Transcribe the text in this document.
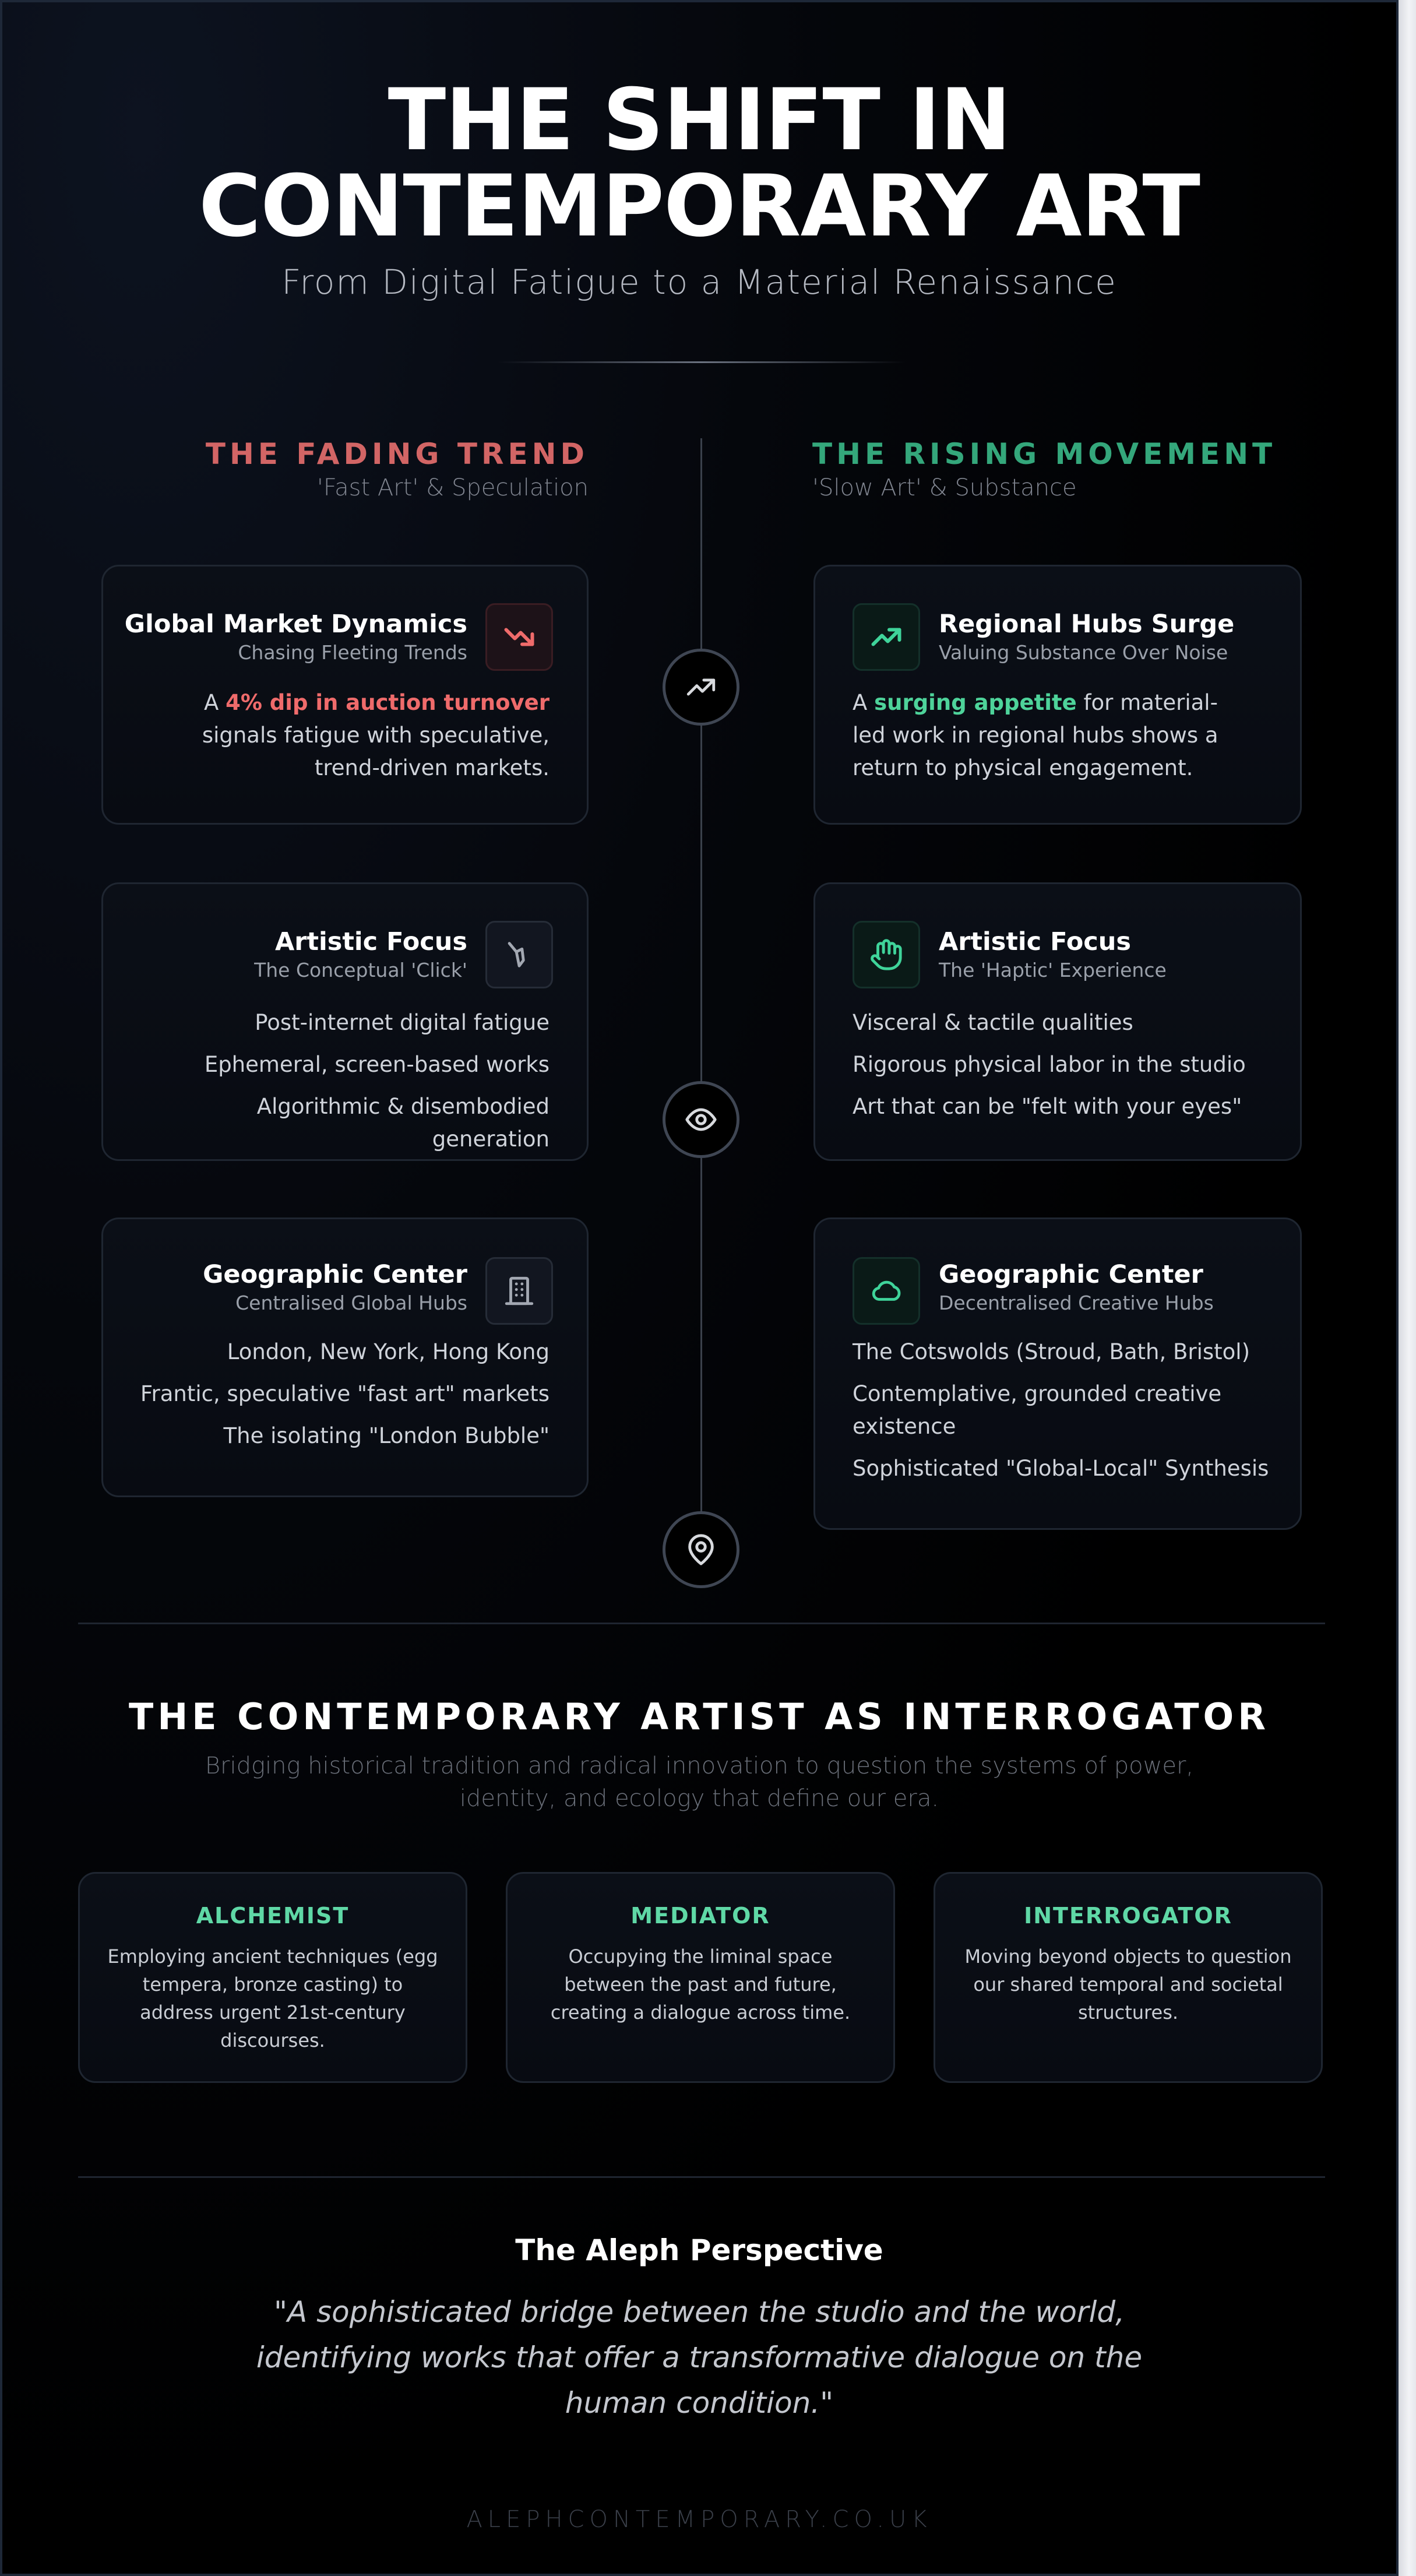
THE SHIFT IN
CONTEMPORARY ART
From Digital Fatigue to a Material Renaissance
THE FADING TREND
'Fast Art' & Speculation
THE RISING MOVEMENT
'Slow Art' & Substance
Global Market Dynamics
Chasing Fleeting Trends
A 4% dip in auction turnover signals fatigue with speculative, trend-driven markets.
Regional Hubs Surge
Valuing Substance Over Noise
A surging appetite for material-led work in regional hubs shows a return to physical engagement.
Artistic Focus
The Conceptual 'Click'
Post-internet digital fatigue
Ephemeral, screen-based works
Algorithmic & disembodied generation
Artistic Focus
The 'Haptic' Experience
Visceral & tactile qualities
Rigorous physical labor in the studio
Art that can be "felt with your eyes"
Geographic Center
Centralised Global Hubs
London, New York, Hong Kong
Frantic, speculative "fast art" markets
The isolating "London Bubble"
Geographic Center
Decentralised Creative Hubs
The Cotswolds (Stroud, Bath, Bristol)
Contemplative, grounded creative existence
Sophisticated "Global-Local" Synthesis
THE CONTEMPORARY ARTIST AS INTERROGATOR
Bridging historical tradition and radical innovation to question the systems of power,
identity, and ecology that define our era.
ALCHEMIST
Employing ancient techniques (egg tempera, bronze casting) to address urgent 21st-century discourses.
MEDIATOR
Occupying the liminal space between the past and future, creating a dialogue across time.
INTERROGATOR
Moving beyond objects to question our shared temporal and societal structures.
The Aleph Perspective
"A sophisticated bridge between the studio and the world,
identifying works that offer a transformative dialogue on the
human condition."
ALEPHCONTEMPORARY.CO.UK
